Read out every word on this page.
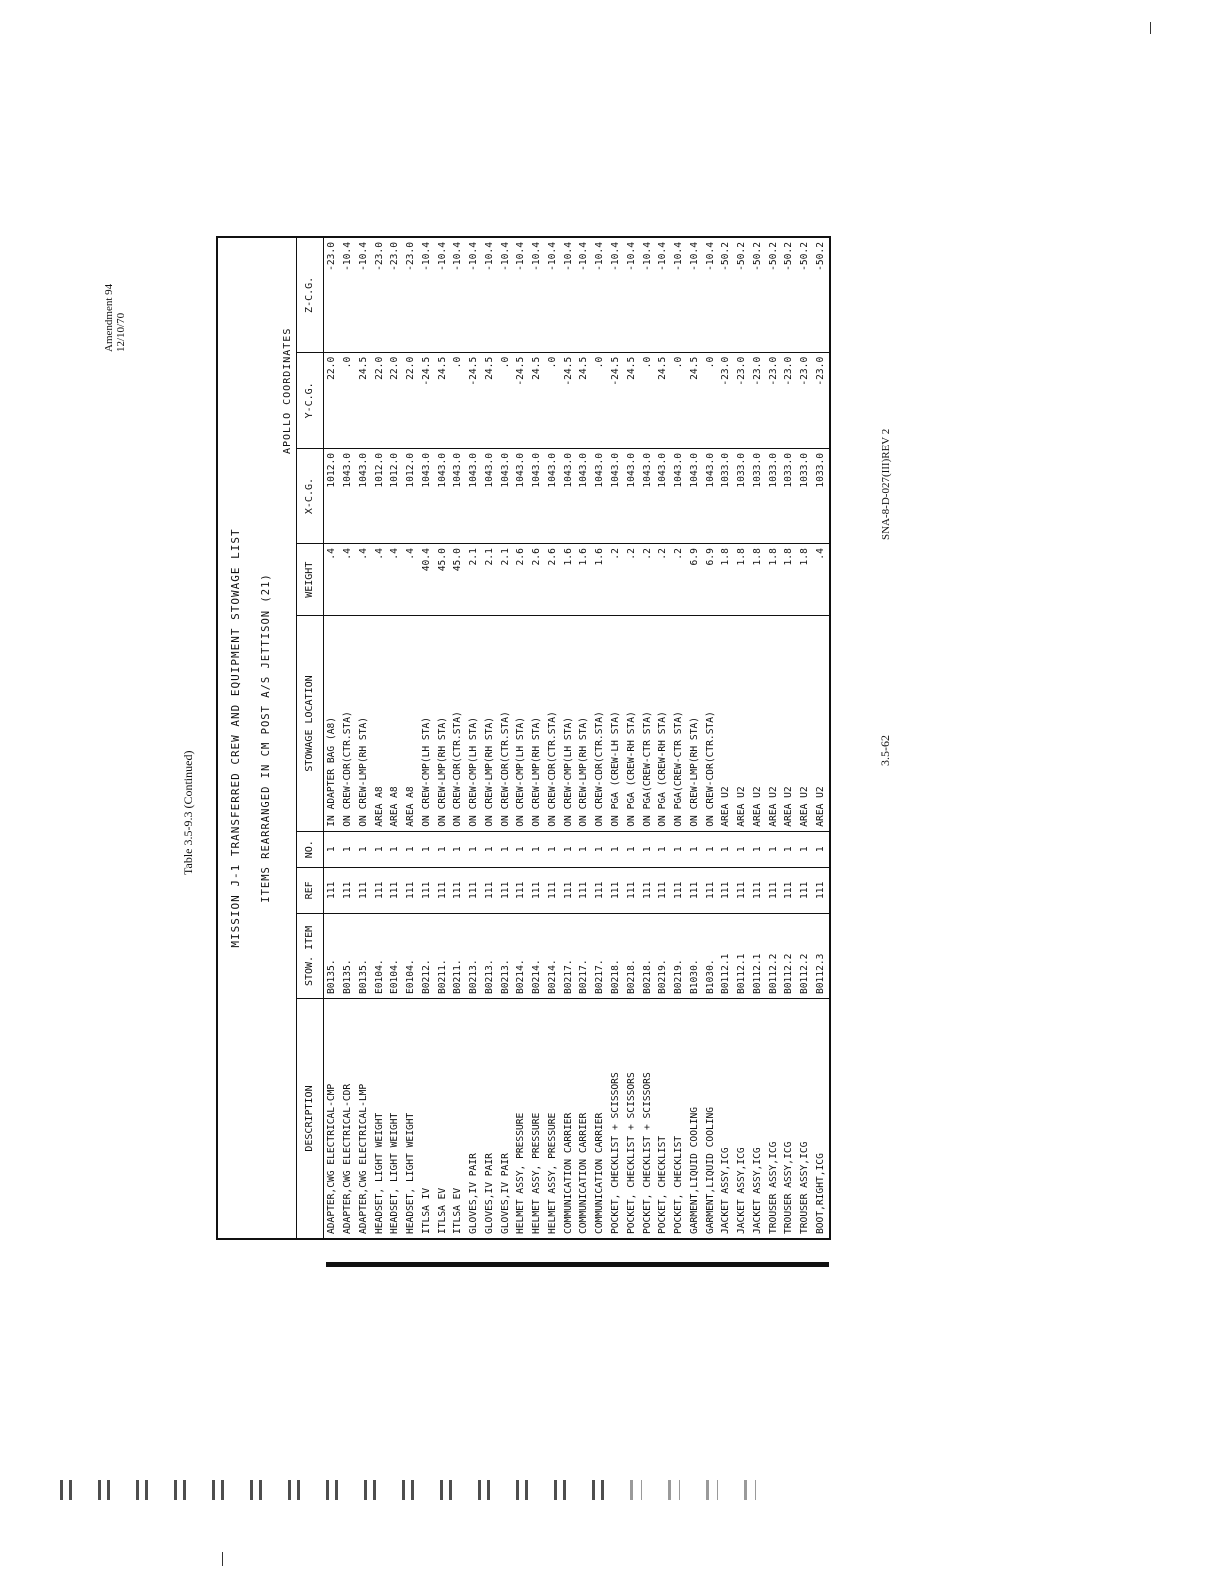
Amendment 94 12/10/70
Table 3.5-9.3 (Continued)	MISSION J-1 TRANSFERRED CREW AND EQUIPMENT STOWAGE LIST								
ITEMS REARRANGED IN CM POST A/S JETTISON (21)								
						APOLLO COORDINATES		
DESCRIPTION	STOW. ITEM	REF	NO.	STOWAGE LOCATION	WEIGHT	X-C.G.	Y-C.G.	Z-C.G.
ADAPTER,CWG ELECTRICAL-CMP	B0135.	111	1	IN ADAPTER BAG (A8)	.4	1012.0	22.0	-23.0
ADAPTER,CWG ELECTRICAL-CDR	B0135.	111	1	ON CREW-CDR(CTR.STA)	.4	1043.0	.0	-10.4
ADAPTER,CWG ELECTRICAL-LMP	B0135.	111	1	ON CREW-LMP(RH STA)	.4	1043.0	24.5	-10.4
HEADSET, LIGHT WEIGHT	E0104.	111	1	AREA A8	.4	1012.0	22.0	-23.0
HEADSET, LIGHT WEIGHT	E0104.	111	1	AREA A8	.4	1012.0	22.0	-23.0
HEADSET, LIGHT WEIGHT	E0104.	111	1	AREA A8	.4	1012.0	22.0	-23.0
ITLSA IV	B0212.	111	1	ON CREW-CMP(LH STA)	40.4	1043.0	-24.5	-10.4
ITLSA EV	B0211.	111	1	ON CREW-LMP(RH STA)	45.0	1043.0	24.5	-10.4
ITLSA EV	B0211.	111	1	ON CREW-CDR(CTR.STA)	45.0	1043.0	.0	-10.4
GLOVES,IV PAIR	B0213.	111	1	ON CREW-CMP(LH STA)	2.1	1043.0	-24.5	-10.4
GLOVES,IV PAIR	B0213.	111	1	ON CREW-LMP(RH STA)	2.1	1043.0	24.5	-10.4
GLOVES,IV PAIR	B0213.	111	1	ON CREW-CDR(CTR.STA)	2.1	1043.0	.0	-10.4
HELMET ASSY, PRESSURE	B0214.	111	1	ON CREW-CMP(LH STA)	2.6	1043.0	-24.5	-10.4
HELMET ASSY, PRESSURE	B0214.	111	1	ON CREW-LMP(RH STA)	2.6	1043.0	24.5	-10.4
HELMET ASSY, PRESSURE	B0214.	111	1	ON CREW-CDR(CTR.STA)	2.6	1043.0	.0	-10.4
COMMUNICATION CARRIER	B0217.	111	1	ON CREW-CMP(LH STA)	1.6	1043.0	-24.5	-10.4
COMMUNICATION CARRIER	B0217.	111	1	ON CREW-LMP(RH STA)	1.6	1043.0	24.5	-10.4
COMMUNICATION CARRIER	B0217.	111	1	ON CREW-CDR(CTR.STA)	1.6	1043.0	.0	-10.4
POCKET, CHECKLIST + SCISSORS	B0218.	111	1	ON PGA (CREW-LH STA)	.2	1043.0	-24.5	-10.4
POCKET, CHECKLIST + SCISSORS	B0218.	111	1	ON PGA (CREW-RH STA)	.2	1043.0	24.5	-10.4
POCKET, CHECKLIST + SCISSORS	B0218.	111	1	ON PGA(CREW-CTR STA)	.2	1043.0	.0	-10.4
POCKET, CHECKLIST	B0219.	111	1	ON PGA (CREW-RH STA)	.2	1043.0	24.5	-10.4
POCKET, CHECKLIST	B0219.	111	1	ON PGA(CREW-CTR STA)	.2	1043.0	.0	-10.4
GARMENT,LIQUID COOLING	B1030.	111	1	ON CREW-LMP(RH STA)	6.9	1043.0	24.5	-10.4
GARMENT,LIQUID COOLING	B1030.	111	1	ON CREW-CDR(CTR.STA)	6.9	1043.0	.0	-10.4
JACKET ASSY,ICG	B0112.1	111	1	AREA U2	1.8	1033.0	-23.0	-50.2
JACKET ASSY,ICG	B0112.1	111	1	AREA U2	1.8	1033.0	-23.0	-50.2
JACKET ASSY,ICG	B0112.1	111	1	AREA U2	1.8	1033.0	-23.0	-50.2
TROUSER ASSY,ICG	B0112.2	111	1	AREA U2	1.8	1033.0	-23.0	-50.2
TROUSER ASSY,ICG	B0112.2	111	1	AREA U2	1.8	1033.0	-23.0	-50.2
TROUSER ASSY,ICG	B0112.2	111	1	AREA U2	1.8	1033.0	-23.0	-50.2
BOOT,RIGHT,ICG	B0112.3	111	1	AREA U2	.4	1033.0	-23.0	-50.2
3.5-62
SNA-8-D-027(III)REV 2
